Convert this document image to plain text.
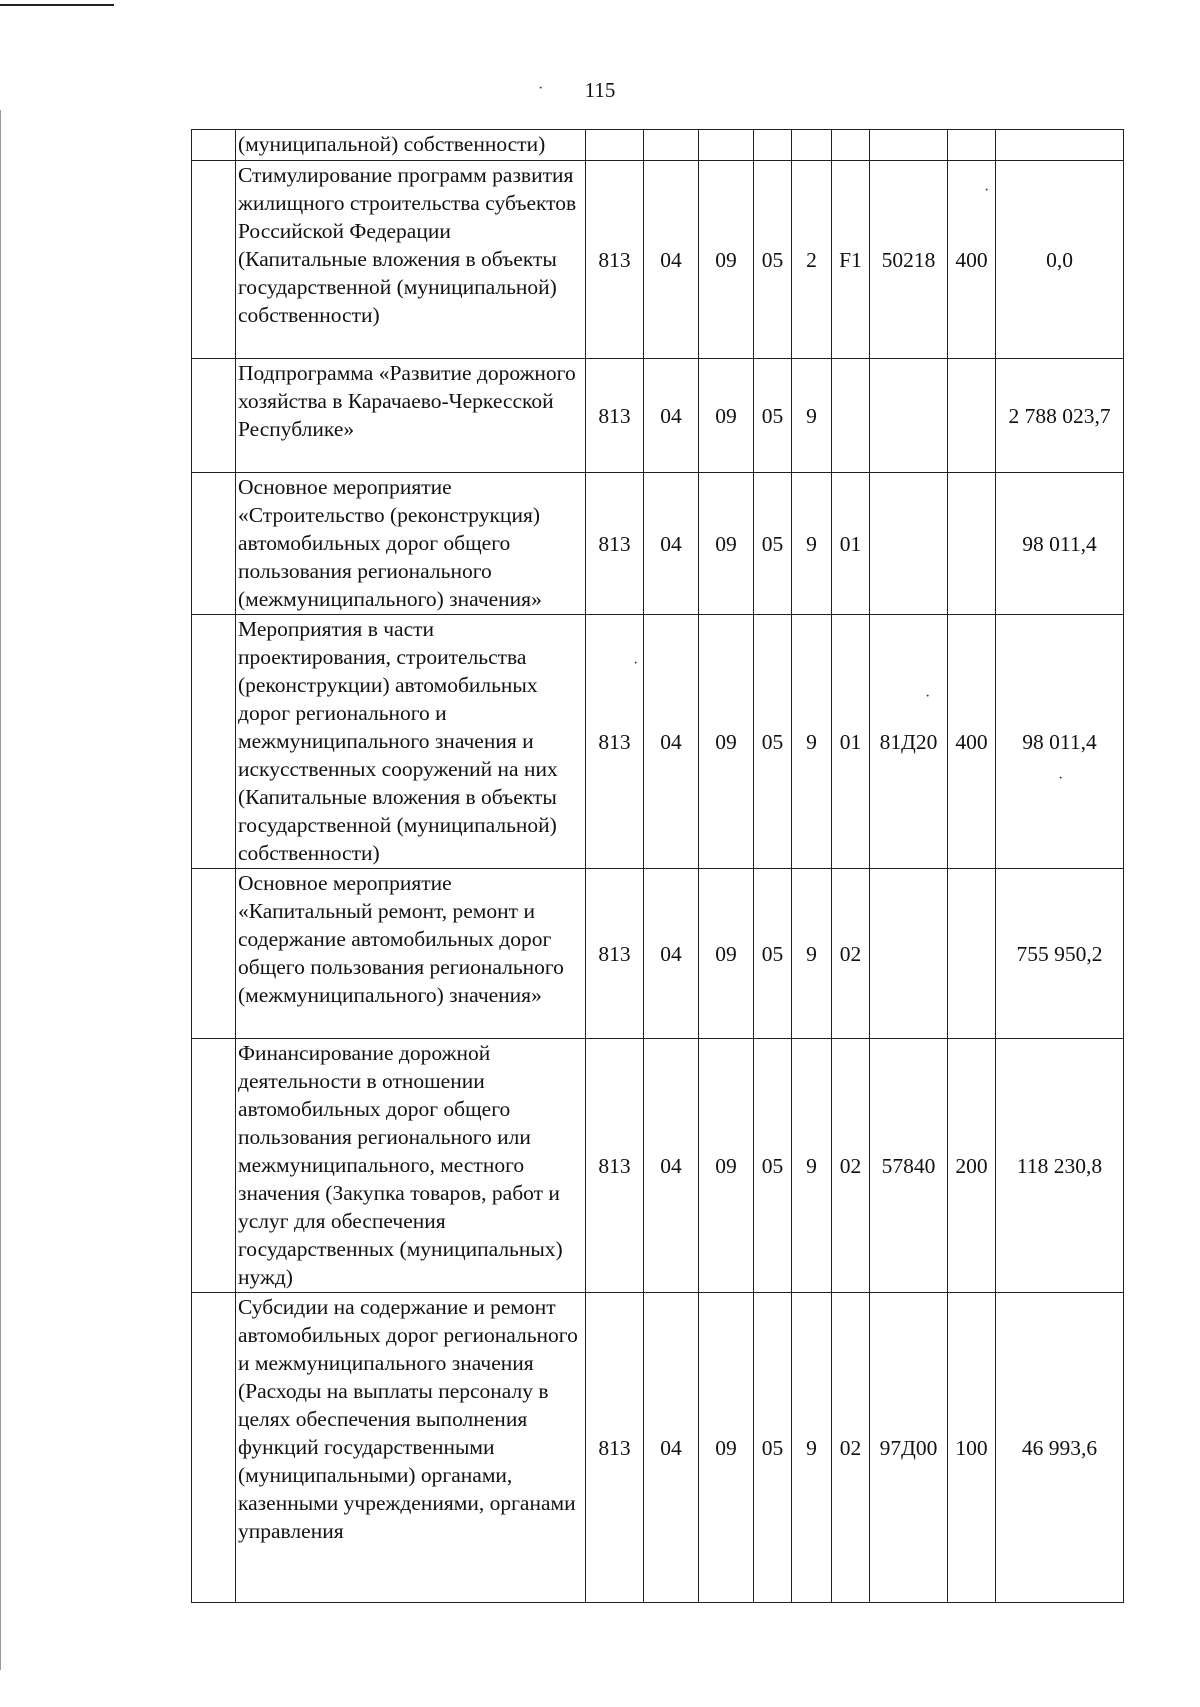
115
·
·
·
·
·
	(муниципальной) собственности)									
	Стимулирование программ развития жилищного строительства субъектов Российской Федерации (Капитальные вложения в объекты государственной (муниципальной) собственности)	813	04	09	05	2	F1	50218	400	0,0
	Подпрограмма «Развитие дорожного хозяйства в Карачаево-Черкесской Республике»	813	04	09	05	9				2 788 023,7
	Основное мероприятие «Строительство (реконструкция) автомобильных дорог общего пользования регионального (межмуниципального) значения»	813	04	09	05	9	01			98 011,4
	Мероприятия в части проектирования, строительства (реконструкции) автомобильных дорог регионального и межмуниципального значения и искусственных сооружений на них (Капитальные вложения в объекты государственной (муниципальной) собственности)	813	04	09	05	9	01	81Д20	400	98 011,4
	Основное мероприятие «Капитальный ремонт, ремонт и содержание автомобильных дорог общего пользования регионального (межмуниципального) значения»	813	04	09	05	9	02			755 950,2
	Финансирование дорожной деятельности в отношении автомобильных дорог общего пользования регионального или межмуниципального, местного значения (Закупка товаров, работ и услуг для обеспечения государственных (муниципальных) нужд)	813	04	09	05	9	02	57840	200	118 230,8
	Субсидии на содержание и ремонт автомобильных дорог регионального и межмуниципального значения (Расходы на выплаты персоналу в целях обеспечения выполнения функций государственными (муниципальными) органами, казенными учреждениями, органами управления	813	04	09	05	9	02	97Д00	100	46 993,6
